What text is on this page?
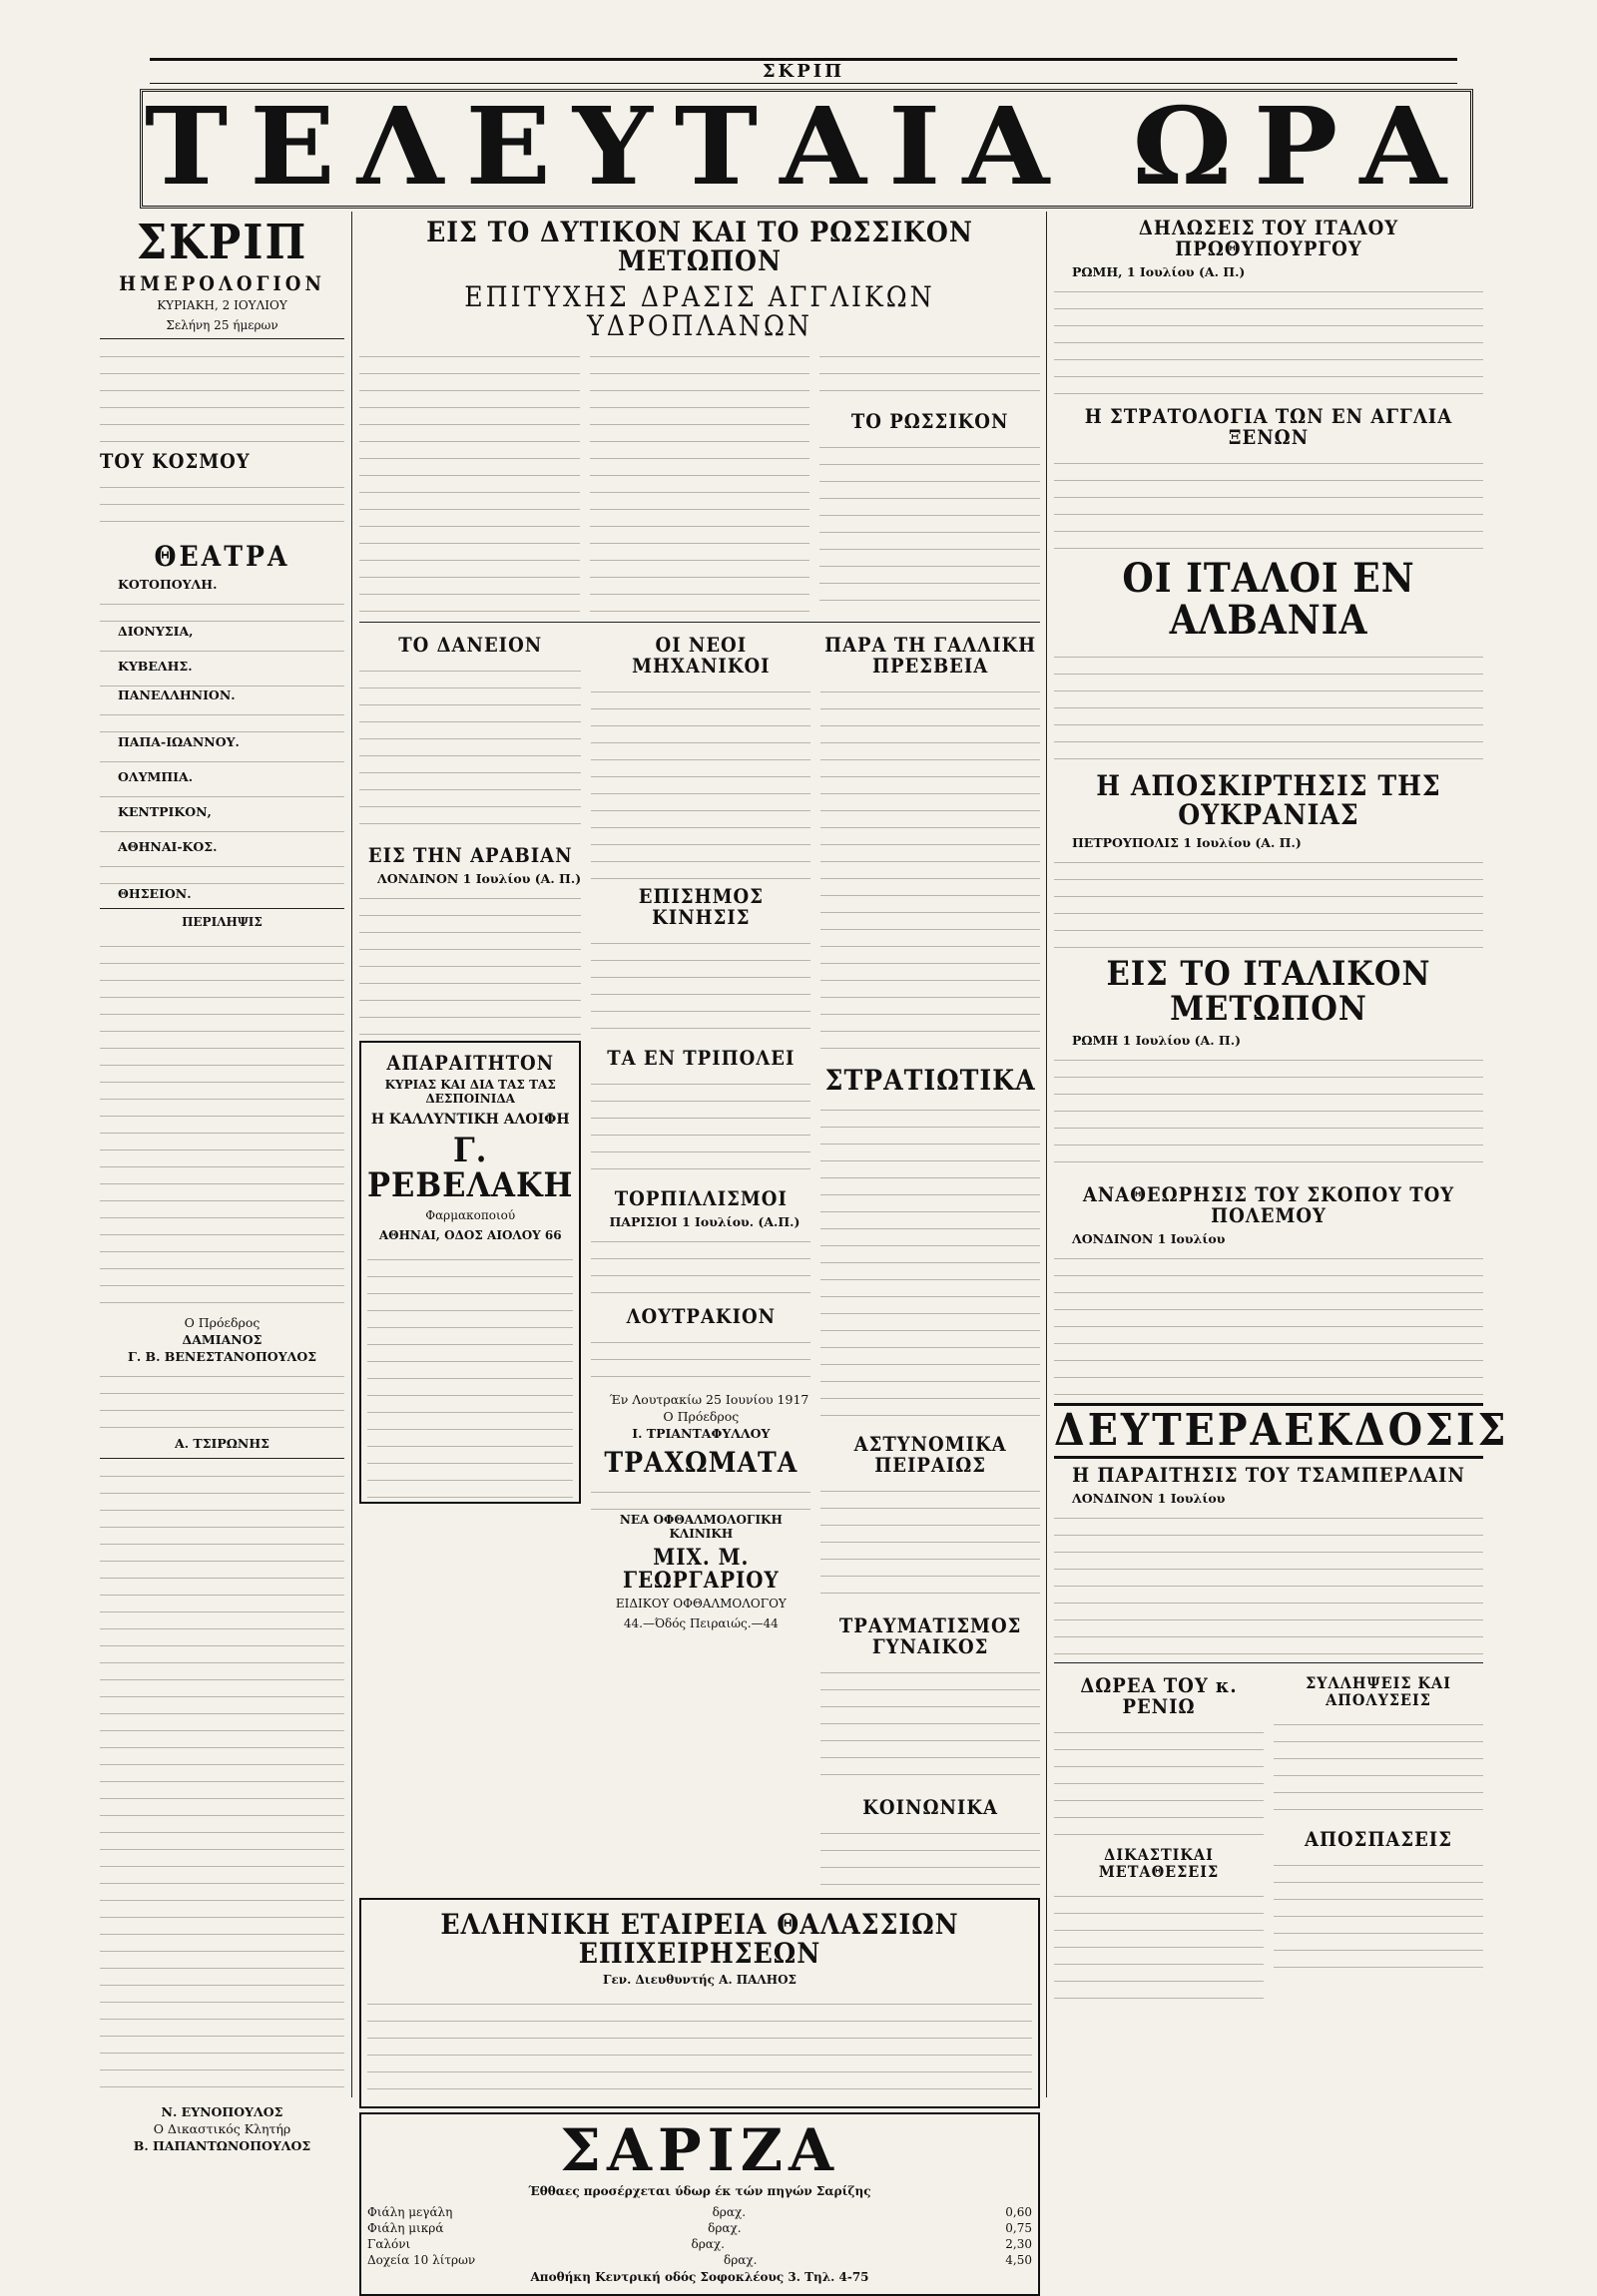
ΣΚΡΙΠ
ΤΕΛΕΥΤΑΙΑ ΩΡΑ
ΣΚΡΙΠ
ΗΜΕΡΟΛΟΓΙΟΝ
ΚΥΡΙΑΚΗ, 2 ΙΟΥΛΙΟΥ
Σελήνη 25 ήμερων
ΤΟΥ ΚΟΣΜΟΥ
ΘΕΑΤΡΑ

ΚΟΤΟΠΟΥΛΗ.

ΔΙΟΝΥΣΙΑ,

ΚΥΒΕΛΗΣ.

ΠΑΝΕΛΛΗΝΙΟΝ.

ΠΑΠΑ-ΙΩΑΝΝΟΥ.

ΟΛΥΜΠΙΑ.

ΚΕΝΤΡΙΚΟΝ,

ΑΘΗΝΑΙ-ΚΟΣ.

ΘΗΣΕΙΟΝ.

ΠΕΡΙΛΗΨΙΣ

Ο Πρόεδρος

ΔΑΜΙΑΝΟΣ

Γ. Β. ΒΕΝΕΣΤΑΝΟΠΟΥΛΟΣ

Α. ΤΣΙΡΩΝΗΣ

Ν. ΕΥΝΟΠΟΥΛΟΣ

Ο Δικαστικός Κλητήρ

Β. ΠΑΠΑΝΤΩΝΟΠΟΥΛΟΣ

ΕΙΣ ΤΟ ΔΥΤΙΚΟΝ ΚΑΙ ΤΟ ΡΩΣΣΙΚΟΝ ΜΕΤΩΠΟΝ
ΕΠΙΤΥΧΗΣ ΔΡΑΣΙΣ ΑΓΓΛΙΚΩΝ ΥΔΡΟΠΛΑΝΩΝ
ΤΟ ΡΩΣΣΙΚΟΝ
ΤΟ ΔΑΝΕΙΟΝ
ΕΙΣ ΤΗΝ ΑΡΑΒΙΑΝ

ΛΟΝΔΙΝΟΝ 1 Ιουλίου (Α. Π.)

ΑΠΑΡΑΙΤΗΤΟΝ
ΚΥΡΙΑΣ ΚΑΙ ΔΙΑ ΤΑΣ ΤΑΣ ΔΕΣΠΟΙΝΙΔΑ
Η ΚΑΛΛΥΝΤΙΚΗ ΑΛΟΙΦΗ
Γ. ΡΕΒΕΛΑΚΗ
Φαρμακοποιού
ΑΘΗΝΑΙ, ΟΔΟΣ ΑΙΟΛΟΥ 66
ΟΙ ΝΕΟΙ ΜΗΧΑΝΙΚΟΙ
ΕΠΙΣΗΜΟΣ ΚΙΝΗΣΙΣ
ΤΑ ΕΝ ΤΡΙΠΟΛΕΙ
ΤΟΡΠΙΛΛΙΣΜΟΙ

ΠΑΡΙΣΙΟΙ 1 Ιουλίου. (Α.Π.)

ΛΟΥΤΡΑΚΙΟΝ

Έν Λουτρακίω 25 Ιουνίου 1917

Ο Πρόεδρος

Ι. ΤΡΙΑΝΤΑΦΥΛΛΟΥ

ΤΡΑΧΩΜΑΤΑ
ΝΕΑ ΟΦΘΑΛΜΟΛΟΓΙΚΗ ΚΛΙΝΙΚΗ
ΜΙΧ. Μ. ΓΕΩΡΓΑΡΙΟΥ
ΕΙΔΙΚΟΥ ΟΦΘΑΛΜΟΛΟΓΟΥ
44.—Όδός Πειραιώς.—44
ΠΑΡΑ ΤΗ ΓΑΛΛΙΚΗ ΠΡΕΣΒΕΙΑ
ΣΤΡΑΤΙΩΤΙΚΑ
ΑΣΤΥΝΟΜΙΚΑ ΠΕΙΡΑΙΩΣ
ΤΡΑΥΜΑΤΙΣΜΟΣ ΓΥΝΑΙΚΟΣ
ΚΟΙΝΩΝΙΚΑ
ΕΛΛΗΝΙΚΗ ΕΤΑΙΡΕΙΑ ΘΑΛΑΣΣΙΩΝ ΕΠΙΧΕΙΡΗΣΕΩΝ
Γεν. Διευθυντής Α. ΠΑΛΗΟΣ
ΣΑΡΙΖΑ
Έθθαες προσέρχεται ύδωρ έκ τών πηγών Σαρίζης
Φιάλη μεγάλη	δραχ.	0,60
Φιάλη μικρά	δραχ.	0,75
Γαλόνι	δραχ.	2,30
Δοχεία 10 λίτρων	δραχ.	4,50
Αποθήκη Κεντρική οδός Σοφοκλέους 3. Τηλ. 4-75
ΔΗΛΩΣΕΙΣ ΤΟΥ ΙΤΑΛΟΥ ΠΡΩΘΥΠΟΥΡΓΟΥ

ΡΩΜΗ, 1 Ιουλίου (Α. Π.)

Η ΣΤΡΑΤΟΛΟΓΙΑ ΤΩΝ ΕΝ ΑΓΓΛΙΑ ΞΕΝΩΝ
ΟΙ ΙΤΑΛΟΙ ΕΝ ΑΛΒΑΝΙΑ
Η ΑΠΟΣΚΙΡΤΗΣΙΣ ΤΗΣ ΟΥΚΡΑΝΙΑΣ

ΠΕΤΡΟΥΠΟΛΙΣ 1 Ιουλίου (Α. Π.)

ΕΙΣ ΤΟ ΙΤΑΛΙΚΟΝ ΜΕΤΩΠΟΝ

ΡΩΜΗ 1 Ιουλίου (Α. Π.)

ΑΝΑΘΕΩΡΗΣΙΣ ΤΟΥ ΣΚΟΠΟΥ ΤΟΥ ΠΟΛΕΜΟΥ

ΛΟΝΔΙΝΟΝ 1 Ιουλίου

ΔΕΥΤΕΡΑΕΚΔΟΣΙΣ
Η ΠΑΡΑΙΤΗΣΙΣ ΤΟΥ ΤΣΑΜΠΕΡΛΑΙΝ

ΛΟΝΔΙΝΟΝ 1 Ιουλίου

ΔΩΡΕΑ ΤΟΥ κ. ΡΕΝΙΩ
ΔΙΚΑΣΤΙΚΑΙ ΜΕΤΑΘΕΣΕΙΣ
ΣΥΛΛΗΨΕΙΣ ΚΑΙ ΑΠΟΛΥΣΕΙΣ
ΑΠΟΣΠΑΣΕΙΣ
